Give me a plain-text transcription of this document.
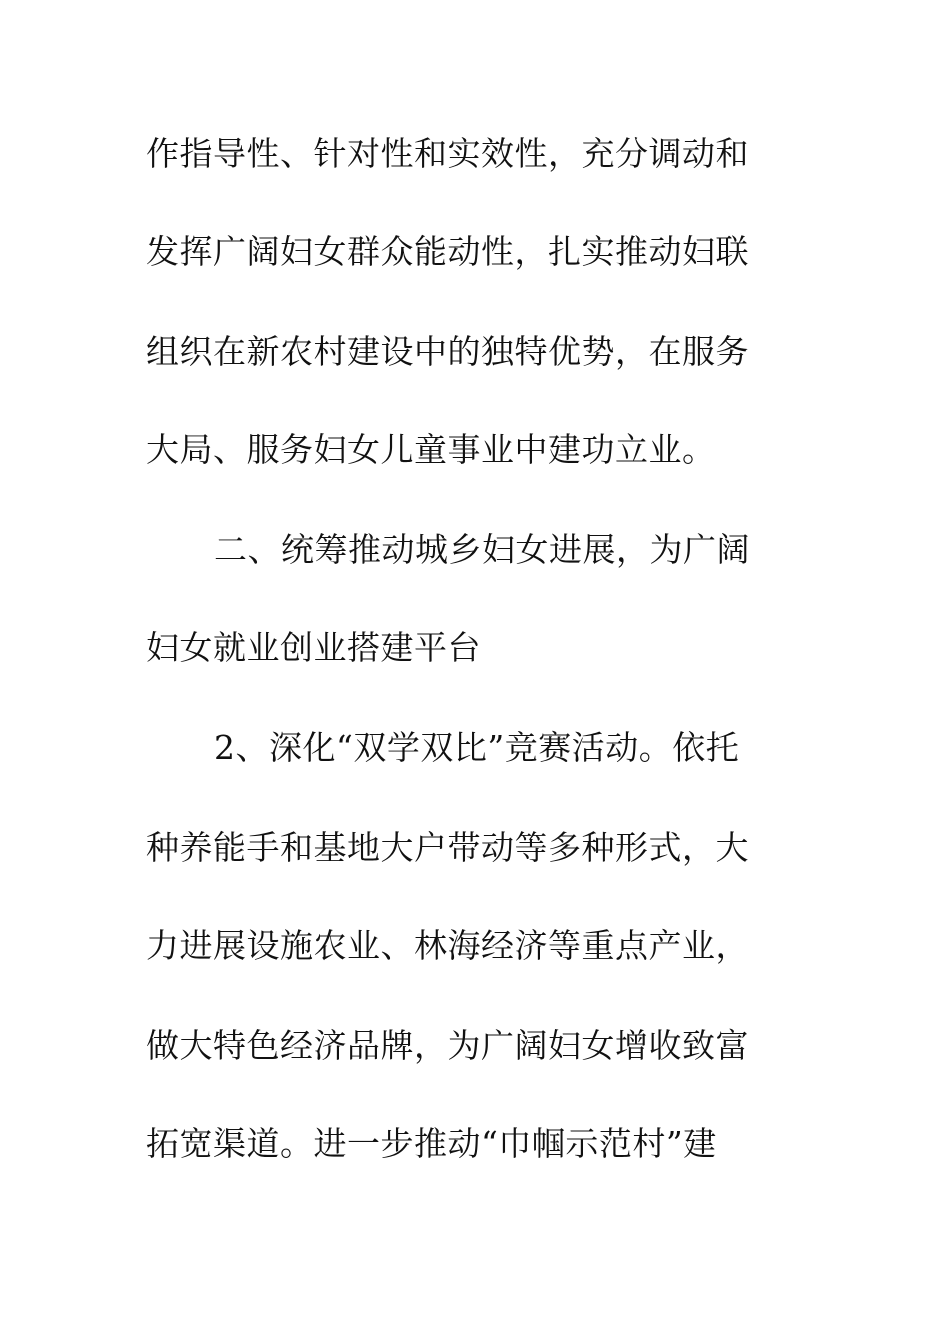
作指导性、针对性和实效性，充分调动和
发挥广阔妇女群众能动性，扎实推动妇联
组织在新农村建设中的独特优势，在服务
大局、服务妇女儿童事业中建功立业。
二、统筹推动城乡妇女进展，为广阔
妇女就业创业搭建平台
2、深化“双学双比”竞赛活动。依托
种养能手和基地大户带动等多种形式，大
力进展设施农业、林海经济等重点产业，
做大特色经济品牌，为广阔妇女增收致富
拓宽渠道。进一步推动“巾帼示范村”建
